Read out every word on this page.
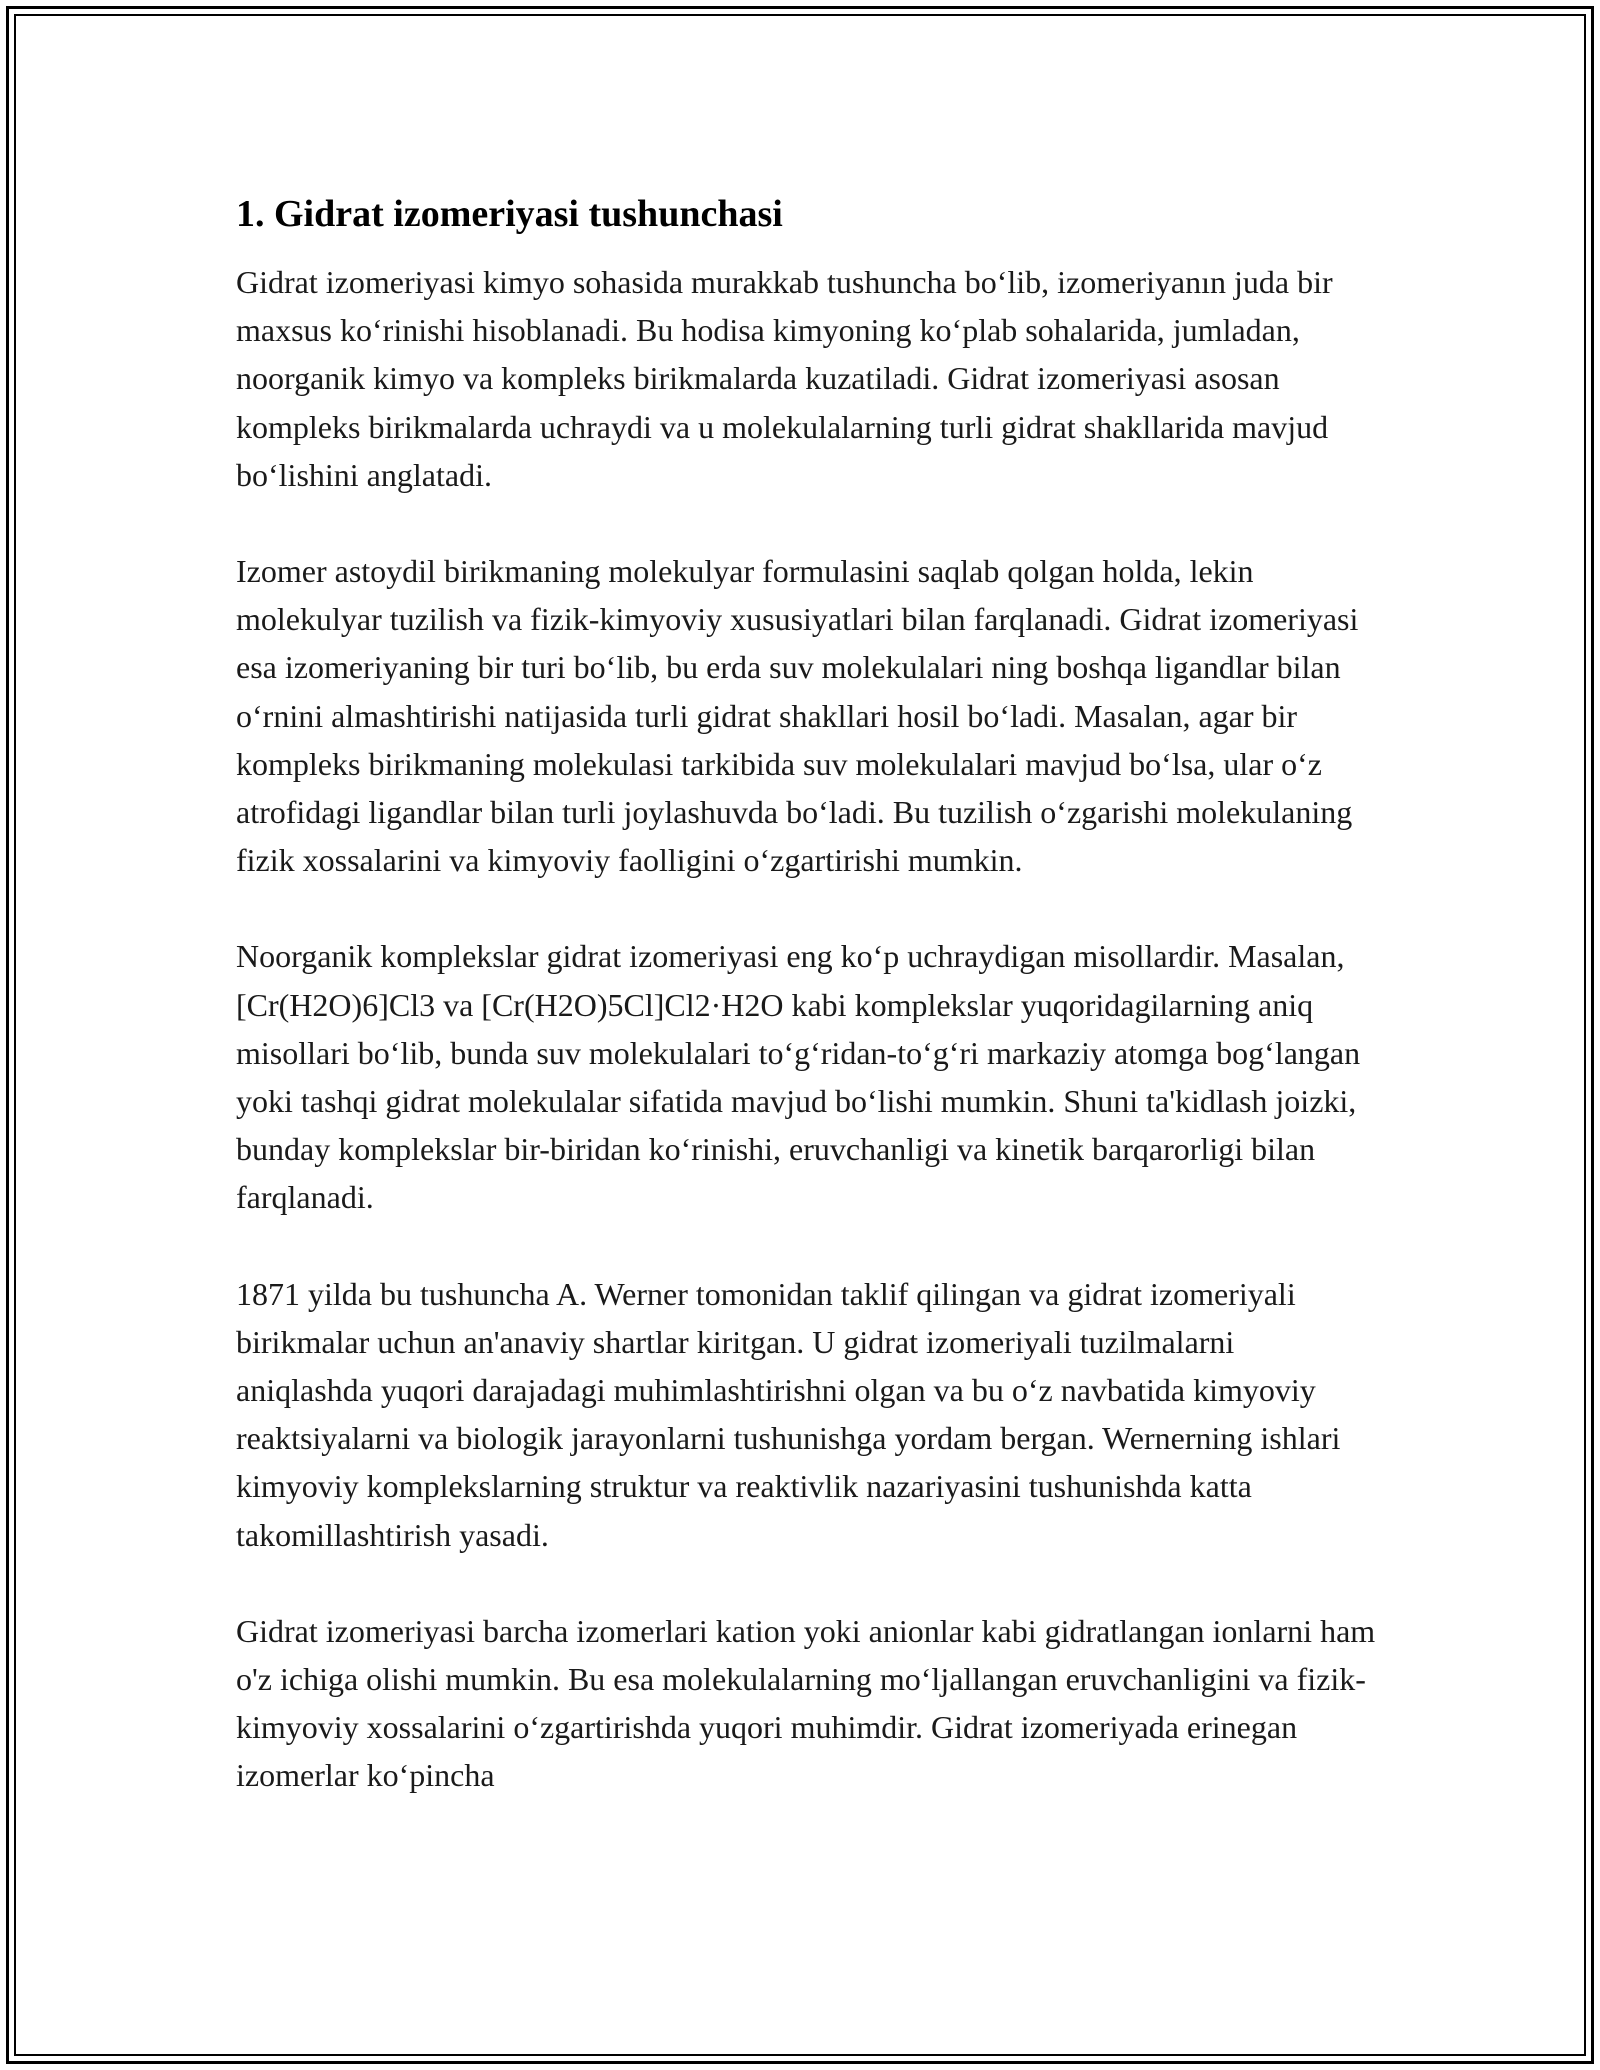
1. Gidrat izomeriyasi tushunchasi

Gidrat izomeriyasi kimyo sohasida murakkab tushuncha bo‘lib, izomeriyanın juda bir maxsus ko‘rinishi hisoblanadi. Bu hodisa kimyoning ko‘plab sohalarida, jumladan, noorganik kimyo va kompleks birikmalarda kuzatiladi. Gidrat izomeriyasi asosan kompleks birikmalarda uchraydi va u molekulalarning turli gidrat shakllarida mavjud bo‘lishini anglatadi.

Izomer astoydil birikmaning molekulyar formulasini saqlab qolgan holda, lekin molekulyar tuzilish va fizik-kimyoviy xususiyatlari bilan farqlanadi. Gidrat izomeriyasi esa izomeriyaning bir turi bo‘lib, bu erda suv molekulalari ning boshqa ligandlar bilan o‘rnini almashtirishi natijasida turli gidrat shakllari hosil bo‘ladi. Masalan, agar bir kompleks birikmaning molekulasi tarkibida suv molekulalari mavjud bo‘lsa, ular o‘z atrofidagi ligandlar bilan turli joylashuvda bo‘ladi. Bu tuzilish o‘zgarishi molekulaning fizik xossalarini va kimyoviy faolligini o‘zgartirishi mumkin.

Noorganik komplekslar gidrat izomeriyasi eng ko‘p uchraydigan misollardir. Masalan, [Cr(H2O)6]Cl3 va [Cr(H2O)5Cl]Cl2·H2O kabi komplekslar yuqoridagilarning aniq misollari bo‘lib, bunda suv molekulalari to‘g‘ridan-to‘g‘ri markaziy atomga bog‘langan yoki tashqi gidrat molekulalar sifatida mavjud bo‘lishi mumkin. Shuni ta'kidlash joizki, bunday komplekslar bir-biridan ko‘rinishi, eruvchanligi va kinetik barqarorligi bilan farqlanadi.

1871 yilda bu tushuncha A. Werner tomonidan taklif qilingan va gidrat izomeriyali birikmalar uchun an'anaviy shartlar kiritgan. U gidrat izomeriyali tuzilmalarni aniqlashda yuqori darajadagi muhimlashtirishni olgan va bu o‘z navbatida kimyoviy reaktsiyalarni va biologik jarayonlarni tushunishga yordam bergan. Wernerning ishlari kimyoviy komplekslarning struktur va reaktivlik nazariyasini tushunishda katta takomillashtirish yasadi.

Gidrat izomeriyasi barcha izomerlari kation yoki anionlar kabi gidratlangan ionlarni ham o'z ichiga olishi mumkin. Bu esa molekulalarning mo‘ljallangan eruvchanligini va fizik-kimyoviy xossalarini o‘zgartirishda yuqori muhimdir. Gidrat izomeriyada erinegan izomerlar ko‘pincha
